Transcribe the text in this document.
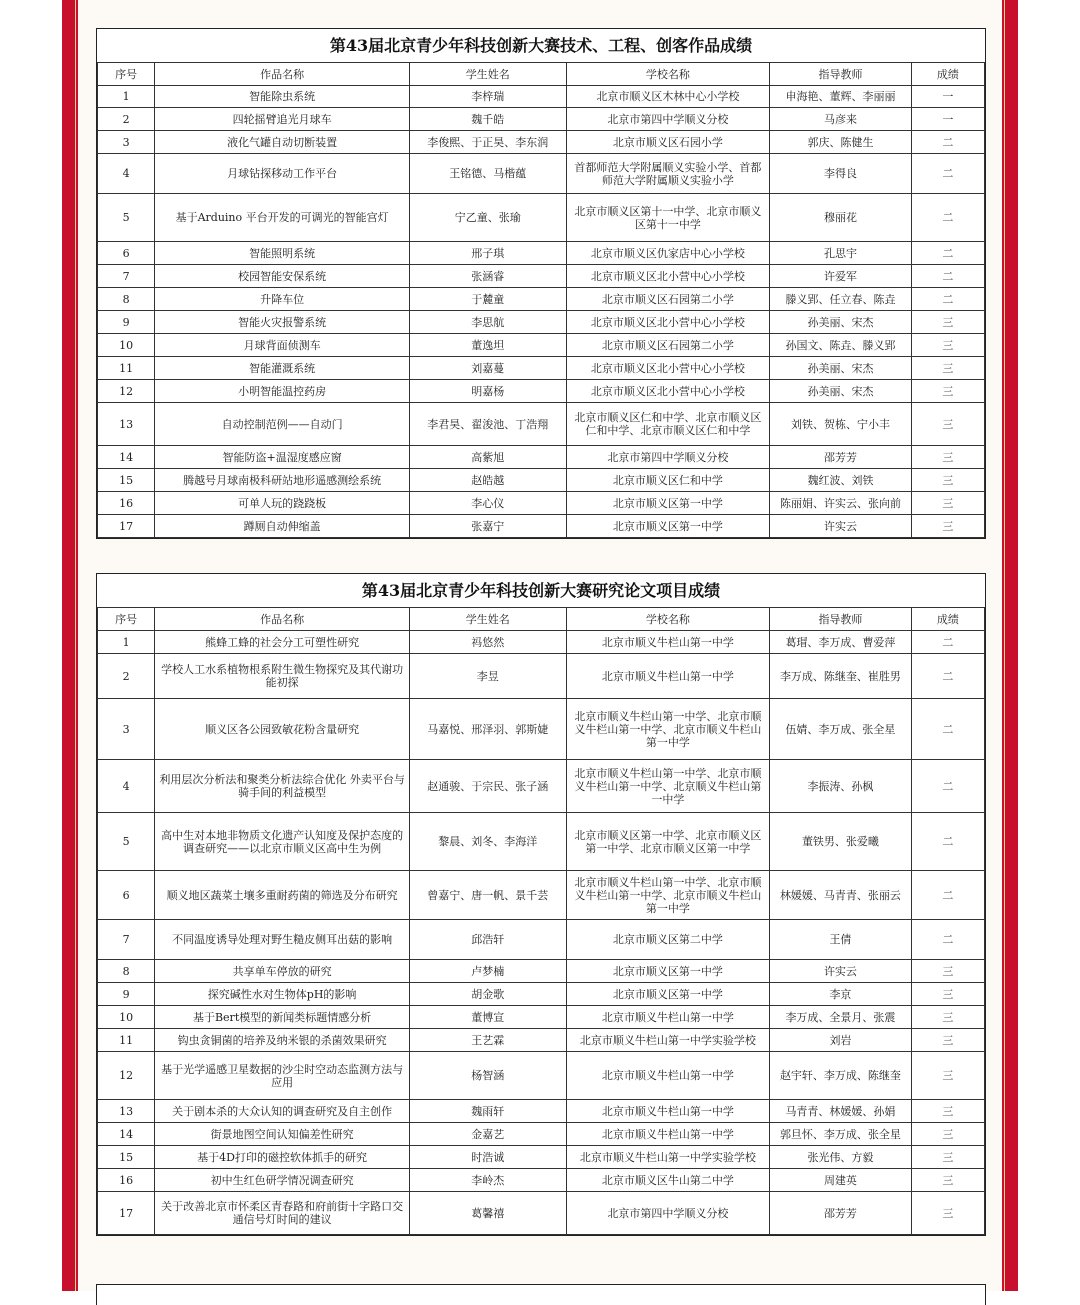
第43届北京青少年科技创新大赛技术、工程、创客作品成绩					
序号	作品名称	学生姓名	学校名称	指导教师	成绩
1	智能除虫系统	李梓瑞	北京市顺义区木林中心小学校	申海艳、董辉、李丽丽	一
2	四轮摇臂追光月球车	魏千皓	北京市第四中学顺义分校	马彦来	一
3	液化气罐自动切断装置	李俊熙、于正昊、李东润	北京市顺义区石园小学	郭庆、陈健生	二
4	月球钻探移动工作平台	王铭德、马楷蕴	首都师范大学附属顺义实验小学、首都师范大学附属顺义实验小学	李得良	二
5	基于Arduino 平台开发的可调光的智能宫灯	宁乙童、张瑜	北京市顺义区第十一中学、北京市顺义区第十一中学	穆丽花	二
6	智能照明系统	邢子琪	北京市顺义区仇家店中心小学校	孔思宇	二
7	校园智能安保系统	张涵睿	北京市顺义区北小营中心小学校	许爱军	二
8	升降车位	于麓童	北京市顺义区石园第二小学	滕义郢、任立春、陈垚	二
9	智能火灾报警系统	李思航	北京市顺义区北小营中心小学校	孙美丽、宋杰	三
10	月球背面侦测车	董逸坦	北京市顺义区石园第二小学	孙国文、陈垚、滕义郢	三
11	智能灌溉系统	刘嘉蔓	北京市顺义区北小营中心小学校	孙美丽、宋杰	三
12	小明智能温控药房	明嘉杨	北京市顺义区北小营中心小学校	孙美丽、宋杰	三
13	自动控制范例——自动门	李君昊、翟浚池、丁浩翔	北京市顺义区仁和中学、北京市顺义区仁和中学、北京市顺义区仁和中学	刘铁、贺栋、宁小丰	三
14	智能防盗+温湿度感应窗	高紫旭	北京市第四中学顺义分校	邵芳芳	三
15	腾越号月球南极科研站地形遥感测绘系统	赵皓越	北京市顺义区仁和中学	魏红波、刘铁	三
16	可单人玩的跷跷板	李心仪	北京市顺义区第一中学	陈丽娟、许实云、张向前	三
17	蹲厕自动伸缩盖	张嘉宁	北京市顺义区第一中学	许实云	三
第43届北京青少年科技创新大赛研究论文项目成绩					
序号	作品名称	学生姓名	学校名称	指导教师	成绩
1	熊蜂工蜂的社会分工可塑性研究	祃悠然	北京市顺义牛栏山第一中学	葛瑁、李万成、曹爱萍	二
2	学校人工水系植物根系附生微生物探究及其代谢功能初探	李昱	北京市顺义牛栏山第一中学	李万成、陈继奎、崔胜男	二
3	顺义区各公园致敏花粉含量研究	马嘉悦、邢泽羽、郭斯婕	北京市顺义牛栏山第一中学、北京市顺义牛栏山第一中学、北京市顺义牛栏山第一中学	伍婧、李万成、张全星	二
4	利用层次分析法和聚类分析法综合优化 外卖平台与骑手间的利益模型	赵通骏、于宗民、张子涵	北京市顺义牛栏山第一中学、北京市顺义牛栏山第一中学、北京顺义牛栏山第一中学	李振涛、孙枫	二
5	高中生对本地非物质文化遗产认知度及保护态度的调查研究——以北京市顺义区高中生为例	黎晨、刘冬、李海洋	北京市顺义区第一中学、北京市顺义区第一中学、北京市顺义区第一中学	董铁男、张爱曦	二
6	顺义地区蔬菜土壤多重耐药菌的筛选及分布研究	曾嘉宁、唐一帆、景千芸	北京市顺义牛栏山第一中学、北京市顺义牛栏山第一中学、北京市顺义牛栏山第一中学	林媛媛、马青青、张丽云	二
7	不同温度诱导处理对野生糙皮侧耳出菇的影响	邱浩轩	北京市顺义区第二中学	王倩	二
8	共享单车停放的研究	卢梦楠	北京市顺义区第一中学	许实云	三
9	探究碱性水对生物体pH的影响	胡金歌	北京市顺义区第一中学	李京	三
10	基于Bert模型的新闻类标题情感分析	董博宣	北京市顺义牛栏山第一中学	李万成、全景月、张震	三
11	钩虫贪铜菌的培养及纳米银的杀菌效果研究	王艺霖	北京市顺义牛栏山第一中学实验学校	刘岩	三
12	基于光学遥感卫星数据的沙尘时空动态监测方法与应用	杨智涵	北京市顺义牛栏山第一中学	赵宇轩、李万成、陈继奎	三
13	关于剧本杀的大众认知的调查研究及自主创作	魏雨轩	北京市顺义牛栏山第一中学	马青青、林媛媛、孙娟	三
14	街景地图空间认知偏差性研究	金嘉艺	北京市顺义牛栏山第一中学	郭旦怀、李万成、张全星	三
15	基于4D打印的磁控软体抓手的研究	时浩诚	北京市顺义牛栏山第一中学实验学校	张光伟、方毅	三
16	初中生红色研学情况调查研究	李岭杰	北京市顺义区牛山第二中学	周建英	三
17	关于改善北京市怀柔区青春路和府前街十字路口交通信号灯时间的建议	葛馨禧	北京市第四中学顺义分校	邵芳芳	三
